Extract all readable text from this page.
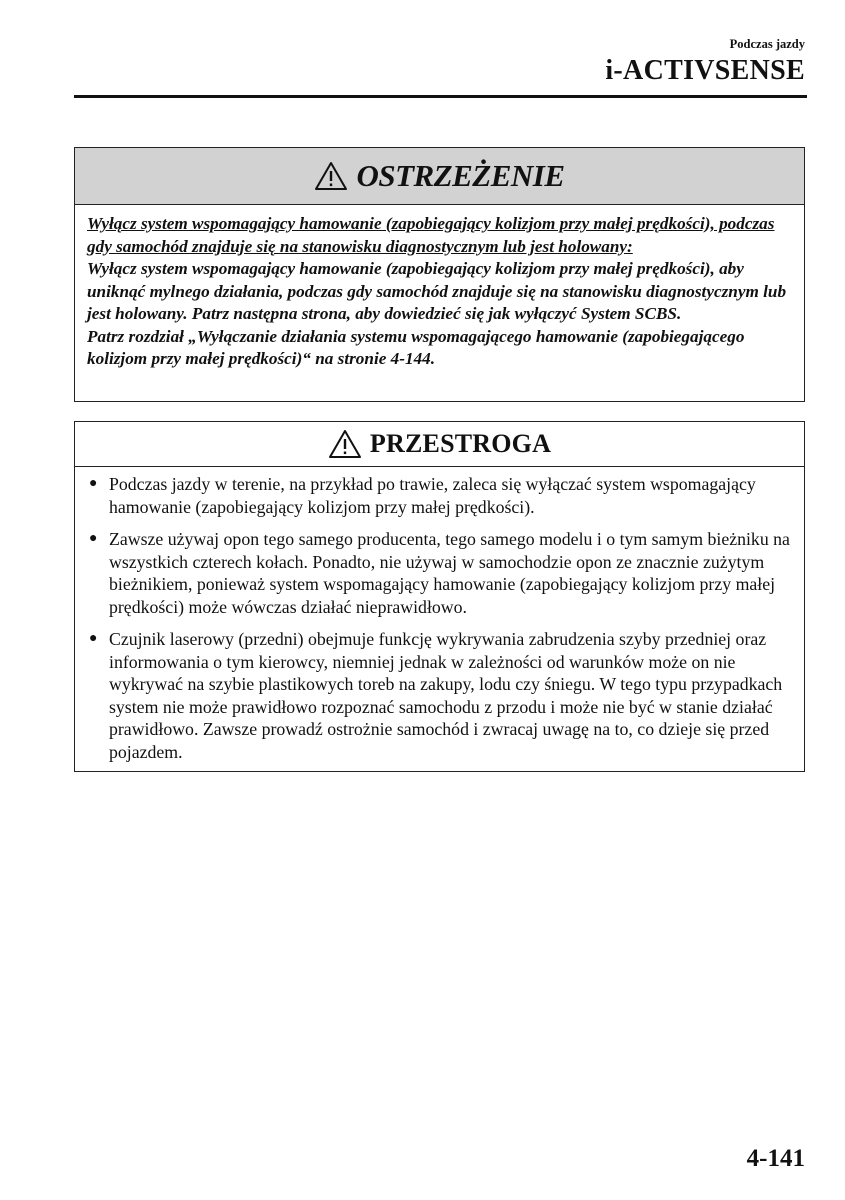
Podczas jazdy
i-ACTIVSENSE
OSTRZEŻENIE

Wyłącz system wspomagający hamowanie (zapobiegający kolizjom przy małej prędkości), podczas gdy samochód znajduje się na stanowisku diagnostycznym lub jest holowany:

Wyłącz system wspomagający hamowanie (zapobiegający kolizjom przy małej prędkości), aby uniknąć mylnego działania, podczas gdy samochód znajduje się na stanowisku diagnostycznym lub jest holowany. Patrz następna strona, aby dowiedzieć się jak wyłączyć System SCBS.

Patrz rozdział „Wyłączanie działania systemu wspomagającego hamowanie (zapobiegającego kolizjom przy małej prędkości)“ na stronie 4-144.

PRZESTROGA
● Podczas jazdy w terenie, na przykład po trawie, zaleca się wyłączać system wspomagający hamowanie (zapobiegający kolizjom przy małej prędkości).
● Zawsze używaj opon tego samego producenta, tego samego modelu i o tym samym bieżniku na wszystkich czterech kołach. Ponadto, nie używaj w samochodzie opon ze znacznie zużytym bieżnikiem, ponieważ system wspomagający hamowanie (zapobiegający kolizjom przy małej prędkości) może wówczas działać nieprawidłowo.
● Czujnik laserowy (przedni) obejmuje funkcję wykrywania zabrudzenia szyby przedniej oraz informowania o tym kierowcy, niemniej jednak w zależności od warunków może on nie wykrywać na szybie plastikowych toreb na zakupy, lodu czy śniegu. W tego typu przypadkach system nie może prawidłowo rozpoznać samochodu z przodu i może nie być w stanie działać prawidłowo. Zawsze prowadź ostrożnie samochód i zwracaj uwagę na to, co dzieje się przed pojazdem.
4-141
